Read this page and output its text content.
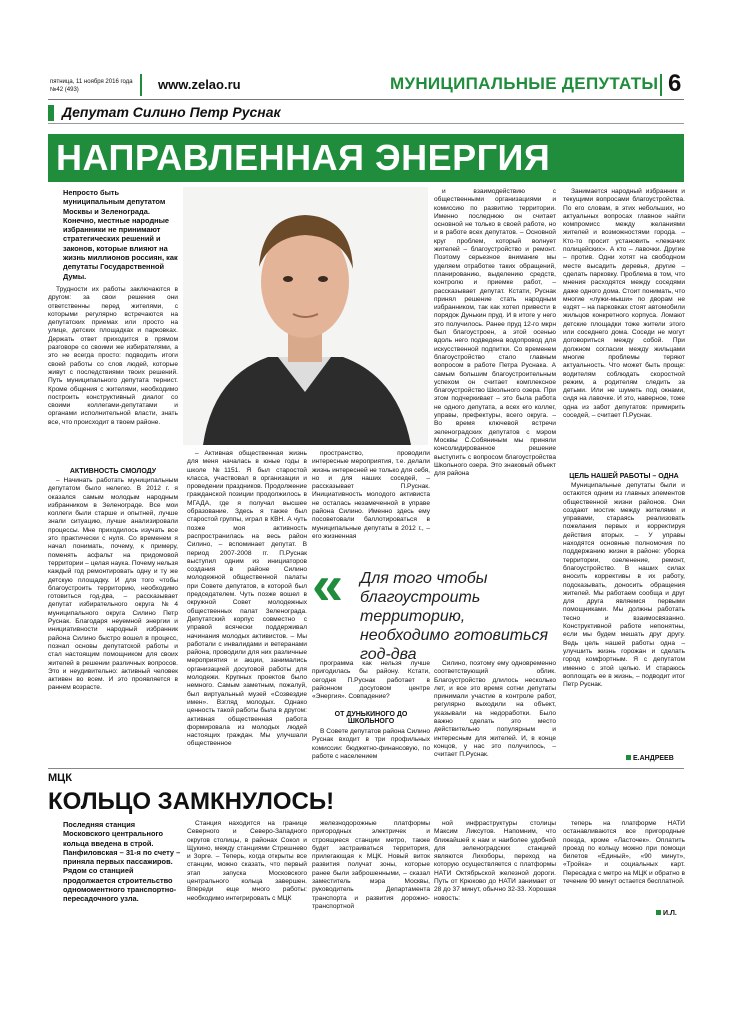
пятница, 11 ноября 2016 года
№42 (493)	www.zelao.ru	МУНИЦИПАЛЬНЫЕ ДЕПУТАТЫ 6
Депутат Силино Петр Руснак
НАПРАВЛЕННАЯ ЭНЕРГИЯ
Непросто быть муниципальным депутатом Москвы и Зеленограда. Конечно, местные народные избранники не принимают стратегических решений и законов, которые влияют на жизнь миллионов россиян, как депутаты Государственной Думы.

Трудности их работы заключаются в другом: за свои решения они ответственны перед жителями, с которыми регулярно встречаются на депутатских приемах или просто на улице, детских площадках и парковках. Держать ответ приходится в прямом разговоре со своими же избирателями, а это не всегда просто: подводить итоги своей работы со слов людей, которые живут с последствиями твоих решений. Путь муниципального депутата тернист. Кроме общения с жителями, необходимо построить конструктивный диалог со своими коллегами-депутатами и органами исполнительной власти, знать все, что происходит в твоем районе.

АКТИВНОСТЬ СМОЛОДУ

– Начинать работать муниципальным депутатом было нелегко. В 2012 г. я оказался самым молодым народным избранником в Зеленограде. Все мои коллеги были старше и опытней, лучше знали ситуацию, лучше анализировали процессы. Мне приходилось изучать все это практически с нуля. Со временем я начал понимать, почему, к примеру, поменять асфальт на придомовой территории – целая наука. Почему нельзя каждый год ремонтировать одну и ту же детскую площадку. И для того чтобы благоустроить территорию, необходимо готовиться год-два, – рассказывает депутат избирательного округа №4 муниципального округа Силино Петр Руснак. Благодаря неуемной энергии и инициативности народный избранник района Силино быстро вошел в процесс, познал основы депутатской работы и стал настоящим помощником для своих жителей в решении различных вопросов. Это и неудивительно: активный человек активен во всем. И это проявляется в раннем возрасте.

– Активная общественная жизнь для меня началась в юные годы в школе №1151. Я был старостой класса, участвовал в организации и проведении праздников. Продолжение гражданской позиции продолжилось в МГАДА, где я получал высшее образование. Здесь я также был старостой группы, играл в КВН. А чуть позже моя активность распространилась на весь район Силино, – вспоминает депутат. В период 2007-2008 гг. П.Руснак выступил одним из инициаторов создания в районе Силино молодежной общественной палаты при Совете депутатов, в которой был председателем. Чуть позже вошел в окружной Совет молодежных общественных палат Зеленограда. Депутатский корпус совместно с управой всячески поддерживал начинания молодых активистов. – Мы работали с инвалидами и ветеранами района, проводили для них различные мероприятия и акции, занимались организацией досуговой работы для молодежи. Крупных проектов было немного. Самым заметным, пожалуй, был виртуальный музей «Созвездие имен». Взгляд молодых. Однако ценность такой работы была в другом: активная общественная работа формировала из молодых людей настоящих граждан. Мы улучшали общественное

пространство, проводили интересные мероприятия, т.е. делали жизнь интересней не только для себя, но и для наших соседей, – рассказывает П.Руснак. Инициативность молодого активиста не осталась незамеченной в управе района Силино. Именно здесь ему посоветовали баллотироваться в муниципальные депутаты в 2012 г., – его жизненная

и взаимодействию с общественными организациями и комиссию по развитию территории. Именно последнюю он считает основной не только в своей работе, но и в работе всех депутатов. – Основной круг проблем, который волнует жителей – благоустройство и ремонт. Поэтому серьезное внимание мы уделяем отработке таких обращений, планированию, выделению средств, контролю и приемке работ, – рассказывает депутат. Кстати, Руснак принял решение стать народным избранником, так как хотел привести в порядок Дунькин пруд. И в итоге у него это получилось. Ранее пруд 12-го мкрн был благоустроен, а этой осенью вдоль него подведена водопровод для искусственной подпитки. Со временем благоустройство стало главным вопросом в работе Петра Руснака. А самым большим благоустроительным успехом он считает комплексное благоустройство Школьного озера. При этом подчеркивает – это была работа не одного депутата, а всех его коллег, управы, префектуры, всего округа. – Во время ключевой встречи зеленоградских депутатов с мэром Москвы С.Собяниным мы приняли консолидированное решение выступить с вопросом благоустройства Школьного озера. Это знаковый объект для района

Занимается народный избранник и текущими вопросами благоустройства. По его словам, в этих небольших, но актуальных вопросах главное найти компромисс между желаниями жителей и возможностями города. – Кто-то просит установить «лежачих полицейских». А кто – лавочки. Другие – против. Одни хотят на свободном месте высадить деревья, другие – сделать парковку. Проблема в том, что мнения расходятся между соседями даже одного дома. Стоит понимать, что многие «лужи-мыши» по дворам не ездят – на парковках стоят автомобили жильцов конкретного корпуса. Ломают детские площадки тоже жители этого или соседнего дома. Соседи не могут договориться между собой. При должном согласии между жильцами многие проблемы теряют актуальность. Что может быть проще: водителям соблюдать скоростной режим, а родителям следить за детьми. Или не шуметь под окнами, сидя на лавочке. И это, наверное, тоже одна из забот депутатов: примирить соседей, – считает П.Руснак.

ЦЕЛЬ НАШЕЙ РАБОТЫ – ОДНА

Муниципальные депутаты были и остаются одним из главных элементов общественной жизни районов. Они создают мостик между жителями и управами, стараясь реализовать пожелания первых и корректируя действия вторых. – У управы находятся основные полномочия по поддержанию жизни в районе: уборка территории, озеленение, ремонт, благоустройство. В наших силах вносить коррективы в их работу, подсказывать, доносить обращения жителей. Мы работаем сообща и друг для друга являемся первыми помощниками. Мы должны работать тесно и взаимосвязанно. Конструктивной работе непонятны, если мы будем мешать друг другу. Ведь цель нашей работы одна – улучшить жизнь горожан и сделать город комфортным. Я с депутатом именно с этой целью. И стараюсь воплощать ее в жизнь, – подводит итог Петр Руснак.

« Для того чтобы благоустроить территорию, необходимо готовиться год-два

программа как нельзя лучше пригодилась бы району. Кстати, сегодня П.Руснак работает в районном досуговом центре «Энергия». Совпадение?

ОТ ДУНЬКИНОГО ДО ШКОЛЬНОГО

В Совете депутатов района Силино Руснак входит в три профильных комиссии: бюджетно-финансовую, по работе с населением

Силино, поэтому ему одновременно соответствующий облик. Благоустройство длилось несколько лет, и все это время сотни депутаты принимали участие в контроле работ, регулярно выходили на объект, указывали на недоработки. Было важно сделать это место действительно популярным и интересным для жителей. И, в конце концов, у нас это получилось, – считает П.Руснак.

Е.АНДРЕЕВ
МЦК
КОЛЬЦО ЗАМКНУЛОСЬ!
Последняя станция Московского центрального кольца введена в строй. Панфиловская – 31-я по счету – приняла первых пассажиров. Рядом со станцией продолжается строительство одномоментного транспортно-пересадочного узла.

Станция находится на границе Северного и Северо-Западного округов столицы, в районах Сокол и Щукино, между станциями Стрешнево и Зорге. – Теперь, когда открыты все станции, можно сказать, что первый этап запуска Московского центрального кольца завершен. Впереди еще много работы: необходимо интегрировать с МЦК

железнодорожные платформы пригородных электричек и строящиеся станции метро, также будет застраиваться территория, прилегающая к МЦК. Новый виток развития получат зоны, которые ранее были заброшенными, – сказал заместитель мэра Москвы, руководитель Департамента транспорта и развития дорожно-транспортной

ной инфраструктуры столицы Максим Ликсутов. Напомним, что ближайшей к нам и наиболее удобной для зеленоградских станцией являются Лихоборы, переход на которую осуществляется с платформы НАТИ Октябрьской железной дороги. Путь от Крюково до НАТИ занимает от 28 до 37 минут, обычно 32-33. Хорошая новость:

теперь на платформе НАТИ останавливаются все пригородные поезда, кроме «Ласточек». Оплатить проезд по кольцу можно при помощи билетов «Единый», «90 минут», «Тройка» и социальных карт. Пересадка с метро на МЦК и обратно в течение 90 минут остается бесплатной.

И.Л.
